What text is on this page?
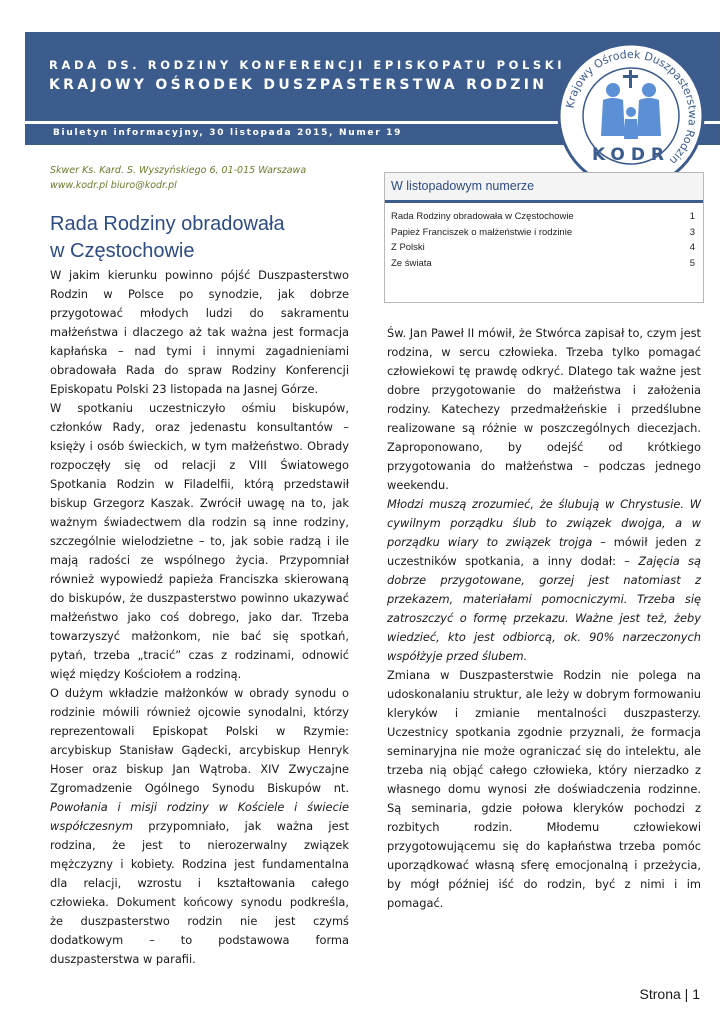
RADA DS. RODZINY KONFERENCJI EPISKOPATU POLSKI
KRAJOWY OŚRODEK DUSZPASTERSTWA RODZIN
Biuletyn informacyjny, 30 listopada 2015, Numer 19
Krajowy Ośrodek Duszpasterstwa Rodzin
KODR
Skwer Ks. Kard. S. Wyszyńskiego 6, 01-015 Warszawa
www.kodr.pl biuro@kodr.pl
Rada Rodziny obradowała
w Częstochowie

W jakim kierunku powinno pójść Duszpasterstwo Rodzin w Polsce po synodzie, jak dobrze przygotować młodych ludzi do sakramentu małżeństwa i dlaczego aż tak ważna jest formacja kapłańska – nad tymi i innymi zagadnieniami obradowała Rada do spraw Rodziny Konferencji Episkopatu Polski 23 listopada na Jasnej Górze.

W spotkaniu uczestniczyło ośmiu biskupów, członków Rady, oraz jedenastu konsultantów – księży i osób świeckich, w tym małżeństwo. Obrady rozpoczęły się od relacji z VIII Światowego Spotkania Rodzin w Filadelfii, którą przedstawił biskup Grzegorz Kaszak. Zwrócił uwagę na to, jak ważnym świadectwem dla rodzin są inne rodziny, szczególnie wielodzietne – to, jak sobie radzą i ile mają radości ze wspólnego życia. Przypomniał również wypowiedź papieża Franciszka skierowaną do biskupów, że duszpasterstwo powinno ukazywać małżeństwo jako coś dobrego, jako dar. Trzeba towarzyszyć małżonkom, nie bać się spotkań, pytań, trzeba „tracić” czas z rodzinami, odnowić więź między Kościołem a rodziną.

O dużym wkładzie małżonków w obrady synodu o rodzinie mówili również ojcowie synodalni, którzy reprezentowali Episkopat Polski w Rzymie: arcybiskup Stanisław Gądecki, arcybiskup Henryk Hoser oraz biskup Jan Wątroba. XIV Zwyczajne Zgromadzenie Ogólnego Synodu Biskupów nt. Powołania i misji rodziny w Kościele i świecie współczesnym przypomniało, jak ważna jest rodzina, że jest to nierozerwalny związek mężczyzny i kobiety. Rodzina jest fundamentalna dla relacji, wzrostu i kształtowania całego człowieka. Dokument końcowy synodu podkreśla, że duszpasterstwo rodzin nie jest czymś dodatkowym – to podstawowa forma duszpasterstwa w parafii.

W listopadowym numerze
Rada Rodziny obradowała w Częstochowie	1
Papież Franciszek o małżeństwie i rodzinie	3
Z Polski	4
Ze świata	5

Św. Jan Paweł II mówił, że Stwórca zapisał to, czym jest rodzina, w sercu człowieka. Trzeba tylko pomagać człowiekowi tę prawdę odkryć. Dlatego tak ważne jest dobre przygotowanie do małżeństwa i założenia rodziny. Katechezy przedmałżeńskie i przedślubne realizowane są różnie w poszczególnych diecezjach. Zaproponowano, by odejść od krótkiego przygotowania do małżeństwa – podczas jednego weekendu.

Młodzi muszą zrozumieć, że ślubują w Chrystusie. W cywilnym porządku ślub to związek dwojga, a w porządku wiary to związek trojga – mówił jeden z uczestników spotkania, a inny dodał: – Zajęcia są dobrze przygotowane, gorzej jest natomiast z przekazem, materiałami pomocniczymi. Trzeba się zatroszczyć o formę przekazu. Ważne jest też, żeby wiedzieć, kto jest odbiorcą, ok. 90% narzeczonych współżyje przed ślubem.

Zmiana w Duszpasterstwie Rodzin nie polega na udoskonalaniu struktur, ale leży w dobrym formowaniu kleryków i zmianie mentalności duszpasterzy. Uczestnicy spotkania zgodnie przyznali, że formacja seminaryjna nie może ograniczać się do intelektu, ale trzeba nią objąć całego człowieka, który nierzadko z własnego domu wynosi złe doświadczenia rodzinne. Są seminaria, gdzie połowa kleryków pochodzi z rozbitych rodzin. Młodemu człowiekowi przygotowującemu się do kapłaństwa trzeba pomóc uporządkować własną sferę emocjonalną i przeżycia, by mógł później iść do rodzin, być z nimi i im pomagać.

Strona | 1
